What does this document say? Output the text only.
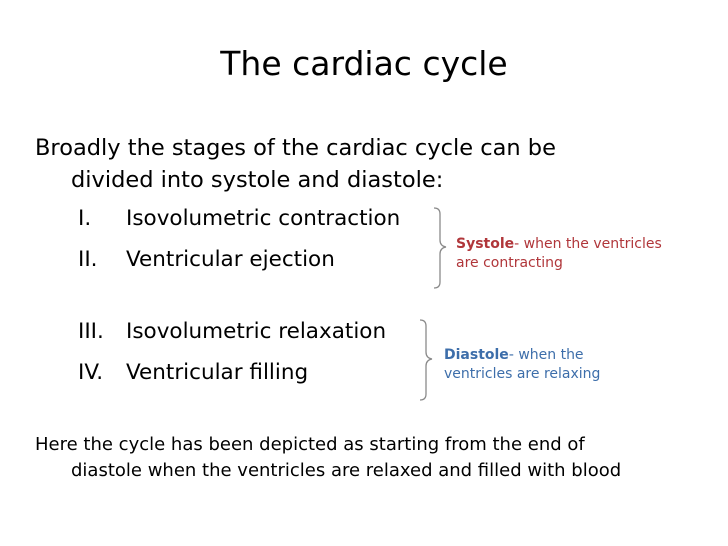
The cardiac cycle
Broadly the stages of the cardiac cycle can be
divided into systole and diastole:
I. Isovolumetric contraction
II. Ventricular ejection
III. Isovolumetric relaxation
IV. Ventricular filling
Systole- when the ventricles
are contracting
Diastole- when the
ventricles are relaxing
Here the cycle has been depicted as starting from the end of
diastole when the ventricles are relaxed and filled with blood
